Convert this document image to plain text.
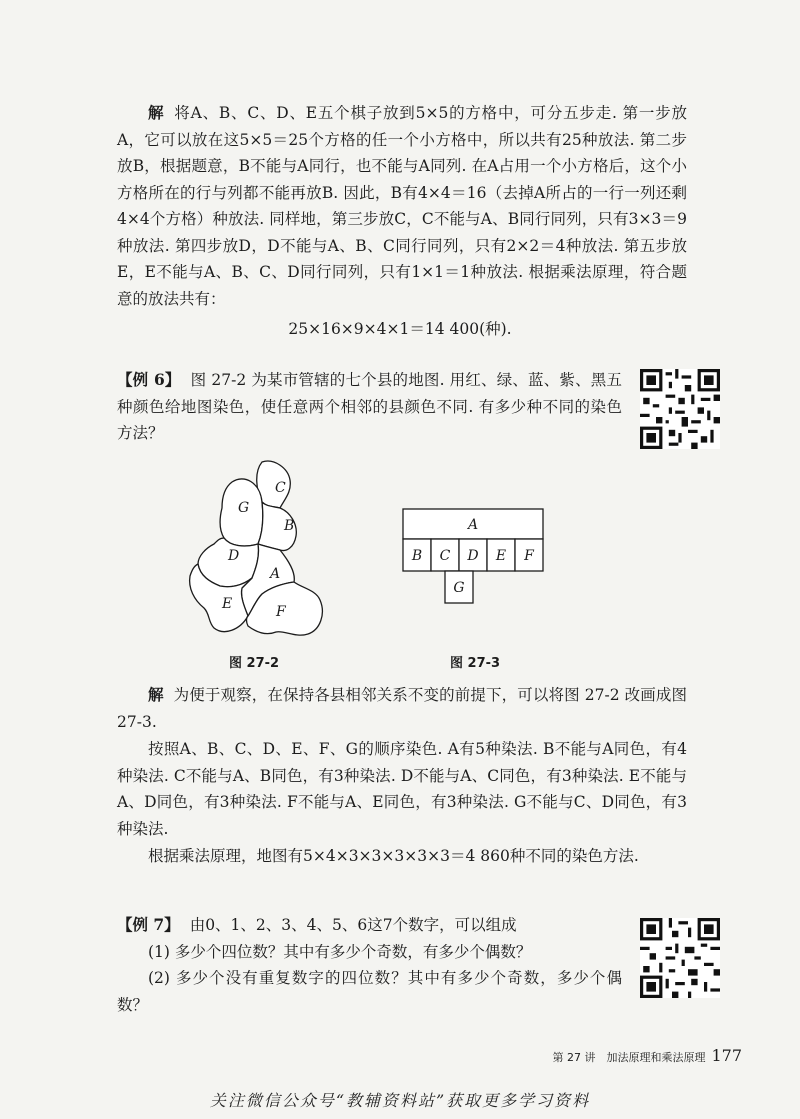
解 将A、B、C、D、E五个棋子放到5×5的方格中，可分五步走. 第一步放A，它可以放在这5×5＝25个方格的任一个小方格中，所以共有25种放法. 第二步放B，根据题意，B不能与A同行，也不能与A同列. 在A占用一个小方格后，这个小方格所在的行与列都不能再放B. 因此，B有4×4＝16（去掉A所占的一行一列还剩4×4个方格）种放法. 同样地，第三步放C，C不能与A、B同行同列，只有3×3＝9种放法. 第四步放D，D不能与A、B、C同行同列，只有2×2＝4种放法. 第五步放E，E不能与A、B、C、D同行同列，只有1×1＝1种放法. 根据乘法原理，符合题意的放法共有：

25×16×9×4×1＝14 400(种).

【例 6】 图 27-2 为某市管辖的七个县的地图. 用红、绿、蓝、紫、黑五种颜色给地图染色，使任意两个相邻的县颜色不同. 有多少种不同的染色方法？

C
G
B
D
A
E	F
图 27-2
A
B C D E F
G
图 27-3

解 为便于观察，在保持各县相邻关系不变的前提下，可以将图 27-2 改画成图 27-3.

按照A、B、C、D、E、F、G的顺序染色. A有5种染法. B不能与A同色，有4种染法. C不能与A、B同色，有3种染法. D不能与A、C同色，有3种染法. E不能与A、D同色，有3种染法. F不能与A、E同色，有3种染法. G不能与C、D同色，有3种染法.

根据乘法原理，地图有5×4×3×3×3×3×3＝4 860种不同的染色方法.

【例 7】 由0、1、2、3、4、5、6这7个数字，可以组成
(1) 多少个四位数？其中有多少个奇数，有多少个偶数？
(2) 多少个没有重复数字的四位数？其中有多少个奇数，多少个偶数？

第 27 讲　加法原理和乘法原理 177
关注微信公众号“教辅资料站”获取更多学习资料
